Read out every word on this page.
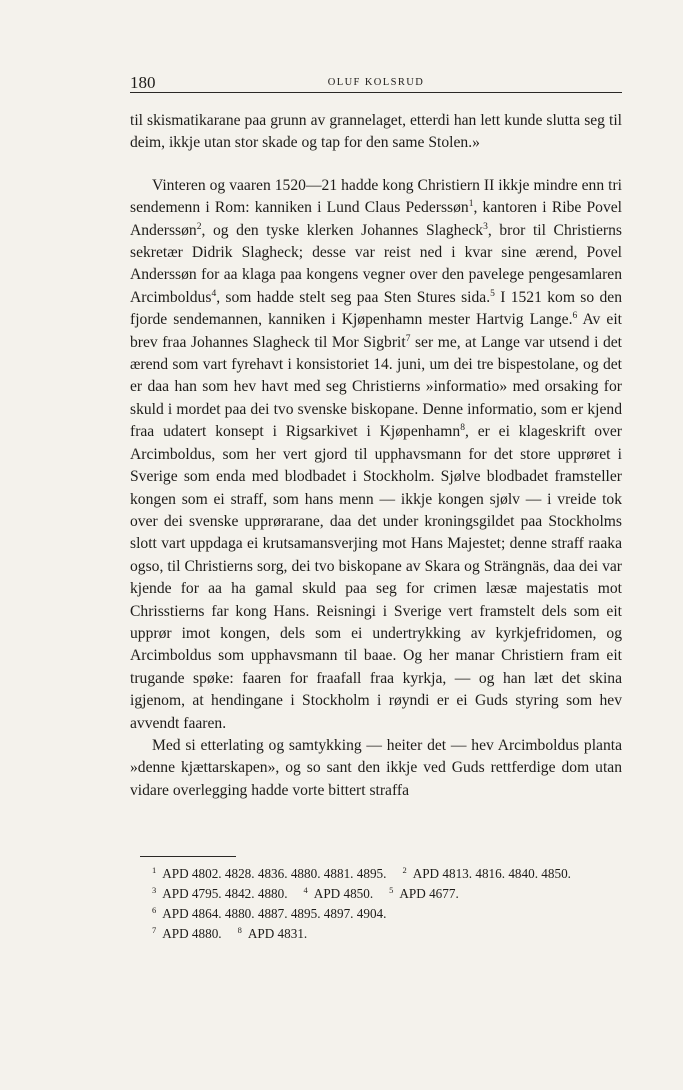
180	OLUF KOLSRUD

til skismatikarane paa grunn av grannelaget, etterdi han lett kunde slutta seg til deim, ikkje utan stor skade og tap for den same Stolen.»

Vinteren og vaaren 1520—21 hadde kong Christiern II ikkje mindre enn tri sendemenn i Rom: kanniken i Lund Claus Pederssøn$^1$, kantoren i Ribe Povel Anderssøn$^2$, og den tyske klerken Johannes Slagheck$^3$, bror til Christierns sekretær Didrik Slagheck; desse var reist ned i kvar sine ærend, Povel Anderssøn for aa klaga paa kongens vegner over den pavelege pengesamlaren Arcimboldus$^4$, som hadde stelt seg paa Sten Stures sida.$^5$ I 1521 kom so den fjorde sendemannen, kanniken i Kjøpenhamn mester Hartvig Lange.$^6$ Av eit brev fraa Johannes Slagheck til Mor Sigbrit$^7$ ser me, at Lange var utsend i det ærend som vart fyrehavt i konsistoriet 14. juni, um dei tre bispestolane, og det er daa han som hev havt med seg Christierns »informatio» med orsaking for skuld i mordet paa dei tvo svenske biskopane. Denne informatio, som er kjend fraa udatert konsept i Rigsarkivet i Kjøpenhamn$^8$, er ei klageskrift over Arcimboldus, som her vert gjord til upphavsmann for det store upprøret i Sverige som enda med blodbadet i Stockholm. Sjølve blodbadet framsteller kongen som ei straff, som hans menn — ikkje kongen sjølv — i vreide tok over dei svenske upprørarane, daa det under kroningsgildet paa Stockholms slott vart uppdaga ei krutsamansverjing mot Hans Majestet; denne straff raaka ogso, til Christierns sorg, dei tvo biskopane av Skara og Strängnäs, daa dei var kjende for aa ha gamal skuld paa seg for crimen læsæ majestatis mot Chrisstierns far kong Hans. Reisningi i Sverige vert framstelt dels som eit upprør imot kongen, dels som ei undertrykking av kyrkjefridomen, og Arcimboldus som upphavsmann til baae. Og her manar Christiern fram eit trugande spøke: faaren for fraafall fraa kyrkja, — og han læt det skina igjenom, at hendingane i Stockholm i røyndi er ei Guds styring som hev avvendt faaren.

Med si etterlating og samtykking — heiter det — hev Arcimboldus planta »denne kjættarskapen», og so sant den ikkje ved Guds rettferdige dom utan vidare overlegging hadde vorte bittert straffa

$^1$ APD 4802. 4828. 4836. 4880. 4881. 4895. $^2$ APD 4813. 4816. 4840. 4850.
$^3$ APD 4795. 4842. 4880. $^4$ APD 4850. $^5$ APD 4677.
$^6$ APD 4864. 4880. 4887. 4895. 4897. 4904.
$^7$ APD 4880. $^8$ APD 4831.
